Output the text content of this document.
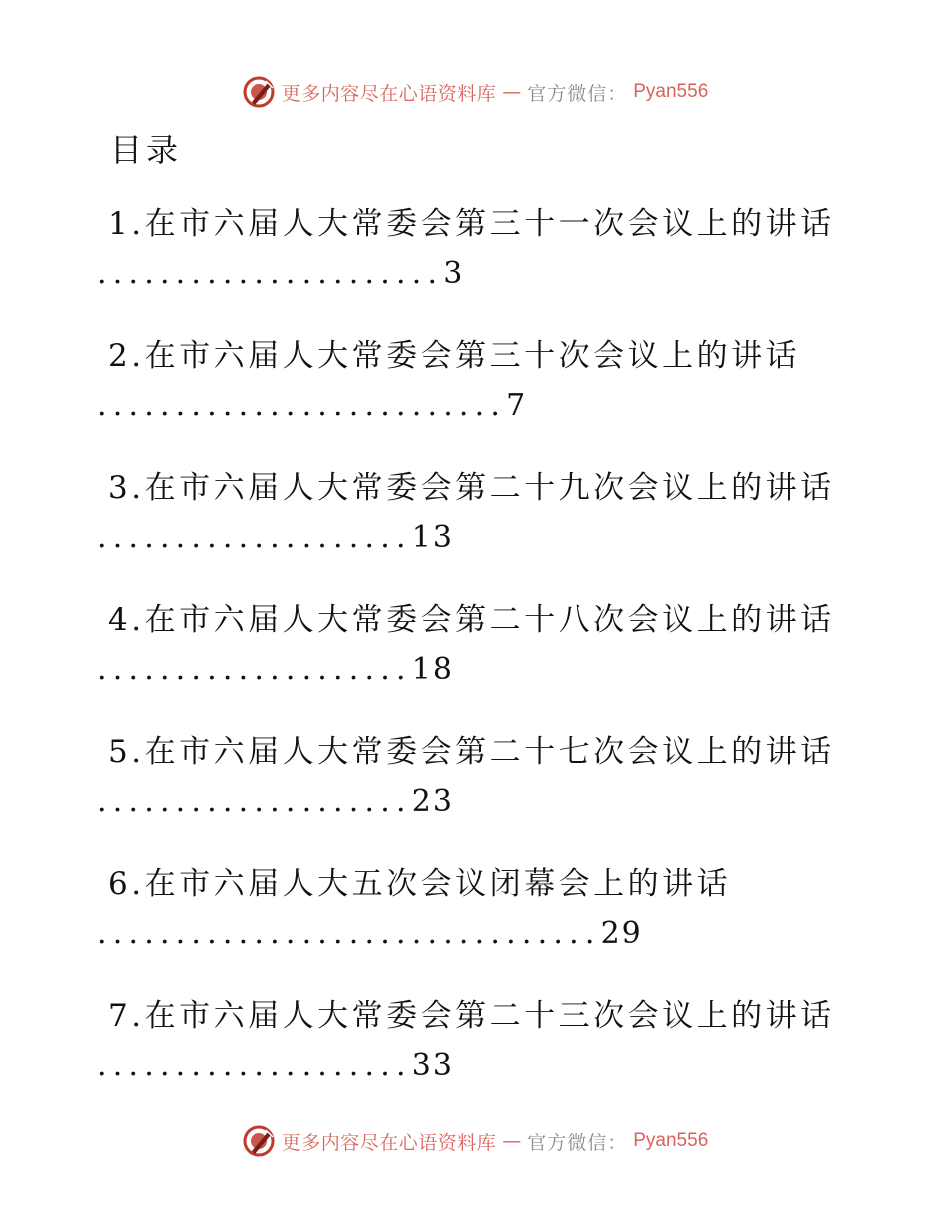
更多内容尽在心语资料库 — 官方微信： Pyan556
目录
1.在市六届人大常委会第三十一次会议上的讲话
......................3
2.在市六届人大常委会第三十次会议上的讲话
..........................7
3.在市六届人大常委会第二十九次会议上的讲话
....................13
4.在市六届人大常委会第二十八次会议上的讲话
....................18
5.在市六届人大常委会第二十七次会议上的讲话
....................23
6.在市六届人大五次会议闭幕会上的讲话
................................29
7.在市六届人大常委会第二十三次会议上的讲话
....................33
更多内容尽在心语资料库 — 官方微信： Pyan556
